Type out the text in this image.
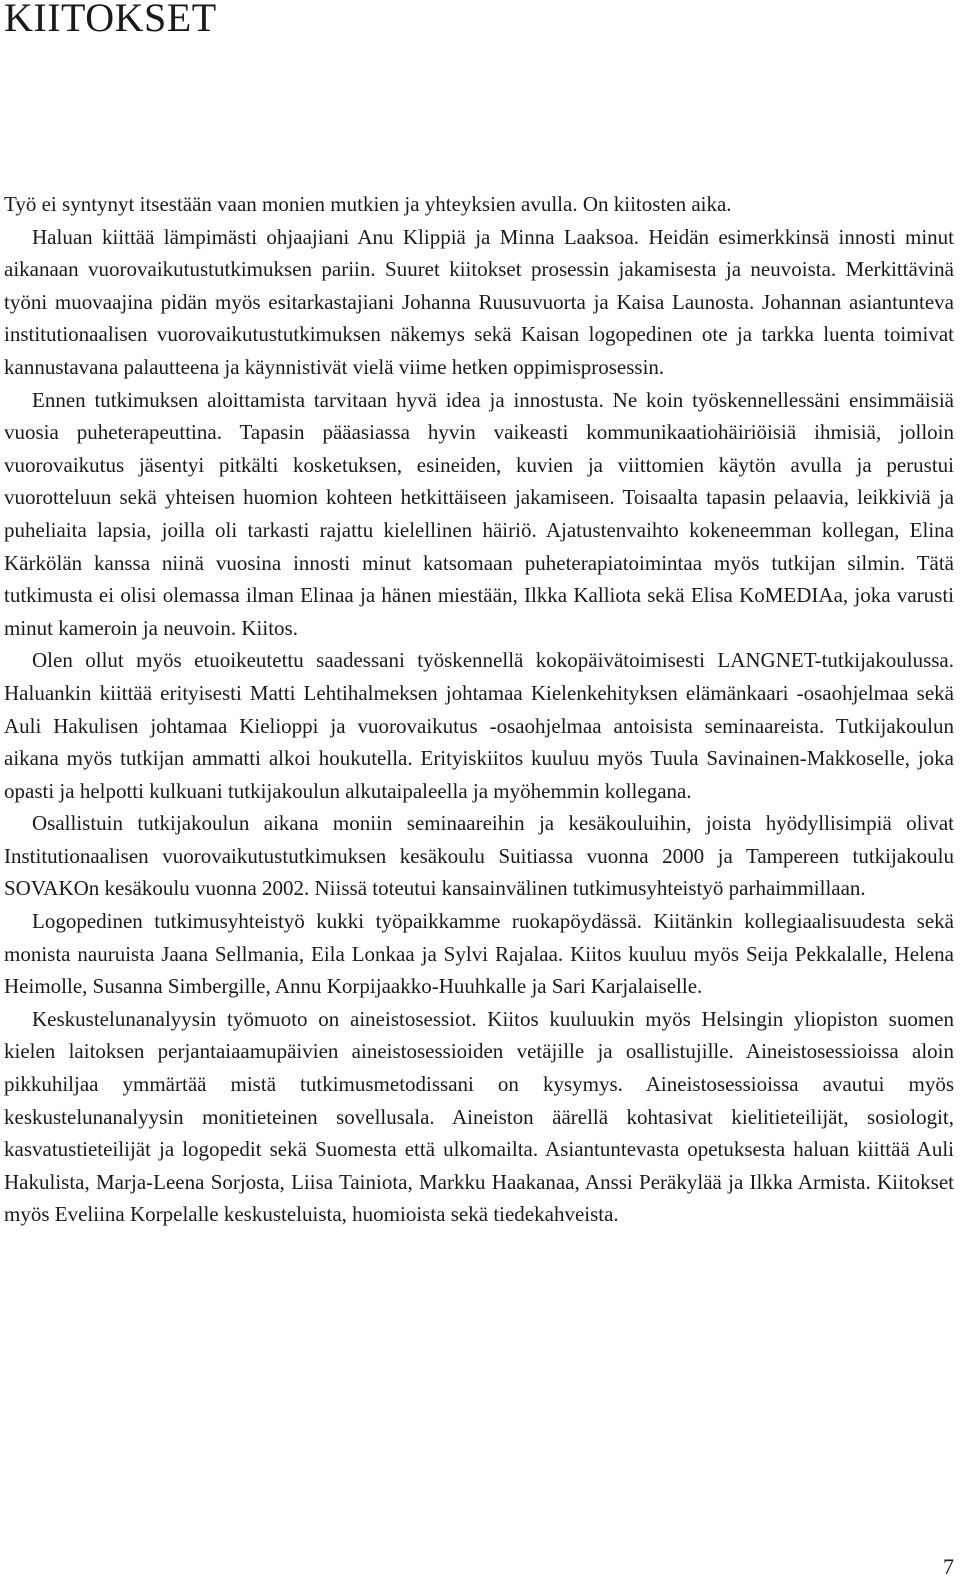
KIITOKSET

Työ ei syntynyt itsestään vaan monien mutkien ja yhteyksien avulla. On kiitosten aika.

Haluan kiittää lämpimästi ohjaajiani Anu Klippiä ja Minna Laaksoa. Heidän esimerkkinsä innosti minut aikanaan vuorovaikutustutkimuksen pariin. Suuret kiitokset prosessin jakamisesta ja neuvoista. Merkittävinä työni muovaajina pidän myös esitarkastajiani Johanna Ruusuvuorta ja Kaisa Launosta. Johannan asiantunteva institutionaalisen vuorovaikutustutkimuksen näkemys sekä Kaisan logopedinen ote ja tarkka luenta toimivat kannustavana palautteena ja käynnistivät vielä viime hetken oppimisprosessin.

Ennen tutkimuksen aloittamista tarvitaan hyvä idea ja innostusta. Ne koin työskennellessäni ensimmäisiä vuosia puheterapeuttina. Tapasin pääasiassa hyvin vaikeasti kommunikaatiohäiriöisiä ihmisiä, jolloin vuorovaikutus jäsentyi pitkälti kosketuksen, esineiden, kuvien ja viittomien käytön avulla ja perustui vuorotteluun sekä yhteisen huomion kohteen hetkittäiseen jakamiseen. Toisaalta tapasin pelaavia, leikkiviä ja puheliaita lapsia, joilla oli tarkasti rajattu kielellinen häiriö. Ajatustenvaihto kokeneemman kollegan, Elina Kärkölän kanssa niinä vuosina innosti minut katsomaan puheterapiatoimintaa myös tutkijan silmin. Tätä tutkimusta ei olisi olemassa ilman Elinaa ja hänen miestään, Ilkka Kalliota sekä Elisa KoMEDIAa, joka varusti minut kameroin ja neuvoin. Kiitos.

Olen ollut myös etuoikeutettu saadessani työskennellä kokopäivätoimisesti LANGNET-tutkijakoulussa. Haluankin kiittää erityisesti Matti Lehtihalmeksen johtamaa Kielenkehityksen elämänkaari -osaohjelmaa sekä Auli Hakulisen johtamaa Kielioppi ja vuorovaikutus -osaohjelmaa antoisista seminaareista. Tutkijakoulun aikana myös tutkijan ammatti alkoi houkutella. Erityiskiitos kuuluu myös Tuula Savinainen-Makkoselle, joka opasti ja helpotti kulkuani tutkijakoulun alkutaipaleella ja myöhemmin kollegana.

Osallistuin tutkijakoulun aikana moniin seminaareihin ja kesäkouluihin, joista hyödyllisimpiä olivat Institutionaalisen vuorovaikutustutkimuksen kesäkoulu Suitiassa vuonna 2000 ja Tampereen tutkijakoulu SOVAKOn kesäkoulu vuonna 2002. Niissä toteutui kansainvälinen tutkimusyhteistyö parhaimmillaan.

Logopedinen tutkimusyhteistyö kukki työpaikkamme ruokapöydässä. Kiitänkin kollegiaalisuudesta sekä monista nauruista Jaana Sellmania, Eila Lonkaa ja Sylvi Rajalaa. Kiitos kuuluu myös Seija Pekkalalle, Helena Heimolle, Susanna Simbergille, Annu Korpijaakko-Huuhkalle ja Sari Karjalaiselle.

Keskustelunanalyysin työmuoto on aineistosessiot. Kiitos kuuluukin myös Helsingin yliopiston suomen kielen laitoksen perjantaiaamupäivien aineistosessioiden vetäjille ja osallistujille. Aineistosessioissa aloin pikkuhiljaa ymmärtää mistä tutkimusmetodissani on kysymys. Aineistosessioissa avautui myös keskustelunanalyysin monitieteinen sovellusala. Aineiston äärellä kohtasivat kielitieteilijät, sosiologit, kasvatustieteilijät ja logopedit sekä Suomesta että ulkomailta. Asiantuntevasta opetuksesta haluan kiittää Auli Hakulista, Marja-Leena Sorjosta, Liisa Tainiota, Markku Haakanaa, Anssi Peräkylää ja Ilkka Armista. Kiitokset myös Eveliina Korpelalle keskusteluista, huomioista sekä tiedekahveista.

7
